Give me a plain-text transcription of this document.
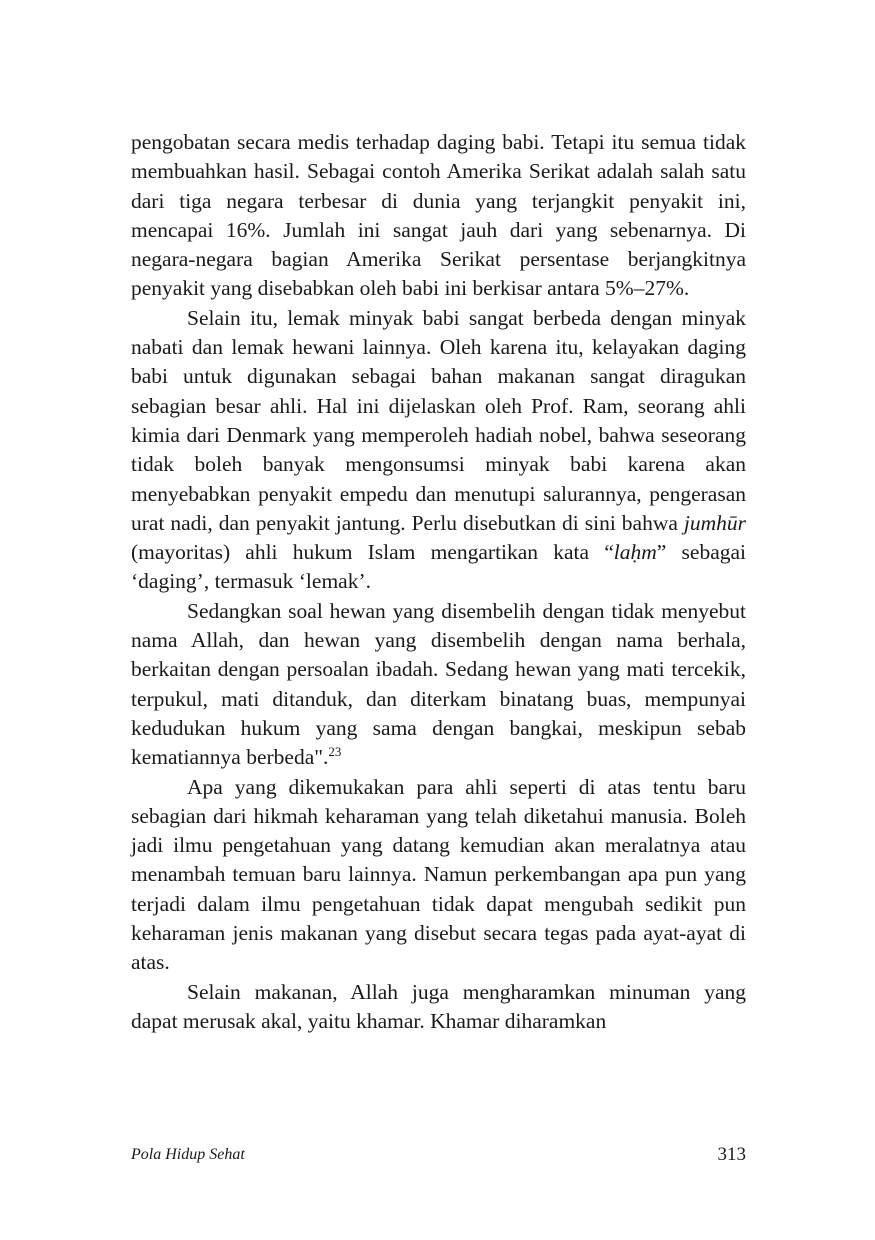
pengobatan secara medis terhadap daging babi. Tetapi itu semua tidak membuahkan hasil. Sebagai contoh Amerika Serikat adalah salah satu dari tiga negara terbesar di dunia yang terjangkit penyakit ini, mencapai 16%. Jumlah ini sangat jauh dari yang sebenarnya. Di negara-negara bagian Amerika Serikat persentase berjangkitnya penyakit yang disebabkan oleh babi ini berkisar antara 5%–27%.

Selain itu, lemak minyak babi sangat berbeda dengan minyak nabati dan lemak hewani lainnya. Oleh karena itu, kelayakan daging babi untuk digunakan sebagai bahan makanan sangat diragukan sebagian besar ahli. Hal ini dijelaskan oleh Prof. Ram, seorang ahli kimia dari Denmark yang memperoleh hadiah nobel, bahwa seseorang tidak boleh banyak mengonsumsi minyak babi karena akan menyebabkan penyakit empedu dan menutupi salurannya, pengerasan urat nadi, dan penyakit jantung. Perlu disebutkan di sini bahwa jumhūr (mayoritas) ahli hukum Islam mengartikan kata “laḥm” sebagai ‘daging’, termasuk ‘lemak’.

Sedangkan soal hewan yang disembelih dengan tidak menyebut nama Allah, dan hewan yang disembelih dengan nama berhala, berkaitan dengan persoalan ibadah. Sedang hewan yang mati tercekik, terpukul, mati ditanduk, dan diterkam binatang buas, mempunyai kedudukan hukum yang sama dengan bangkai, meskipun sebab kematiannya berbeda".$^{23}$

Apa yang dikemukakan para ahli seperti di atas tentu baru sebagian dari hikmah keharaman yang telah diketahui manusia. Boleh jadi ilmu pengetahuan yang datang kemudian akan meralatnya atau menambah temuan baru lainnya. Namun perkembangan apa pun yang terjadi dalam ilmu pengetahuan tidak dapat mengubah sedikit pun keharaman jenis makanan yang disebut secara tegas pada ayat-ayat di atas.

Selain makanan, Allah juga mengharamkan minuman yang dapat merusak akal, yaitu khamar. Khamar diharamkan

Pola Hidup Sehat	313
